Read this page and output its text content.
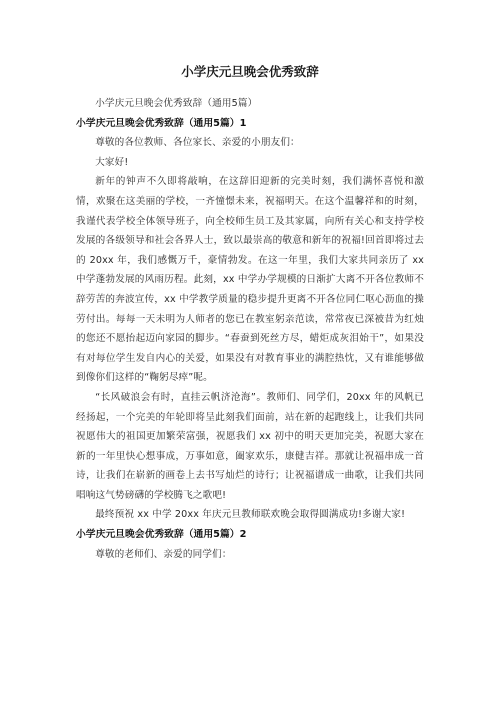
小学庆元旦晚会优秀致辞

小学庆元旦晚会优秀致辞（通用5篇）

小学庆元旦晚会优秀致辞（通用5篇）1

尊敬的各位教师、各位家长、亲爱的小朋友们：

大家好!

新年的钟声不久即将敲响，在这辞旧迎新的完美时刻，我们满怀喜悦和激情，欢聚在这美丽的学校，一齐憧憬未来，祝福明天。在这个温馨祥和的时刻，我谨代表学校全体领导班子，向全校师生员工及其家属，向所有关心和支持学校发展的各级领导和社会各界人士，致以最崇高的敬意和新年的祝福!回首即将过去的 20xx 年，我们感慨万千，豪情勃发。在这一年里，我们大家共同亲历了 xx 中学蓬勃发展的风雨历程。此刻，xx 中学办学规模的日渐扩大离不开各位教师不辞劳苦的奔波宣传，xx 中学教学质量的稳步提升更离不开各位同仁呕心沥血的操劳付出。每每一天未明为人师者的您已在教室躬亲范读，常常夜已深被昔为红烛的您还不愿抬起迈向家园的脚步。“春蚕到死丝方尽，蜡炬成灰泪始干”，如果没有对每位学生发自内心的关爱，如果没有对教育事业的满腔热忱，又有谁能够做到像你们这样的“鞠躬尽瘁”呢。

“长风破浪会有时，直挂云帆济沧海”。教师们、同学们，20xx 年的风帆已经扬起，一个完美的年轮即将呈此刻我们面前，站在新的起跑线上，让我们共同祝愿伟大的祖国更加繁荣富强，祝愿我们 xx 初中的明天更加完美，祝愿大家在新的一年里快心想事成，万事如意，阖家欢乐，康健吉祥。那就让祝福串成一首诗，让我们在崭新的画卷上去书写灿烂的诗行；让祝福谱成一曲歌，让我们共同唱响这气势磅礴的学校腾飞之歌吧!

最终预祝 xx 中学 20xx 年庆元旦教师联欢晚会取得圆满成功!多谢大家!

小学庆元旦晚会优秀致辞（通用5篇）2

尊敬的老师们、亲爱的同学们：
